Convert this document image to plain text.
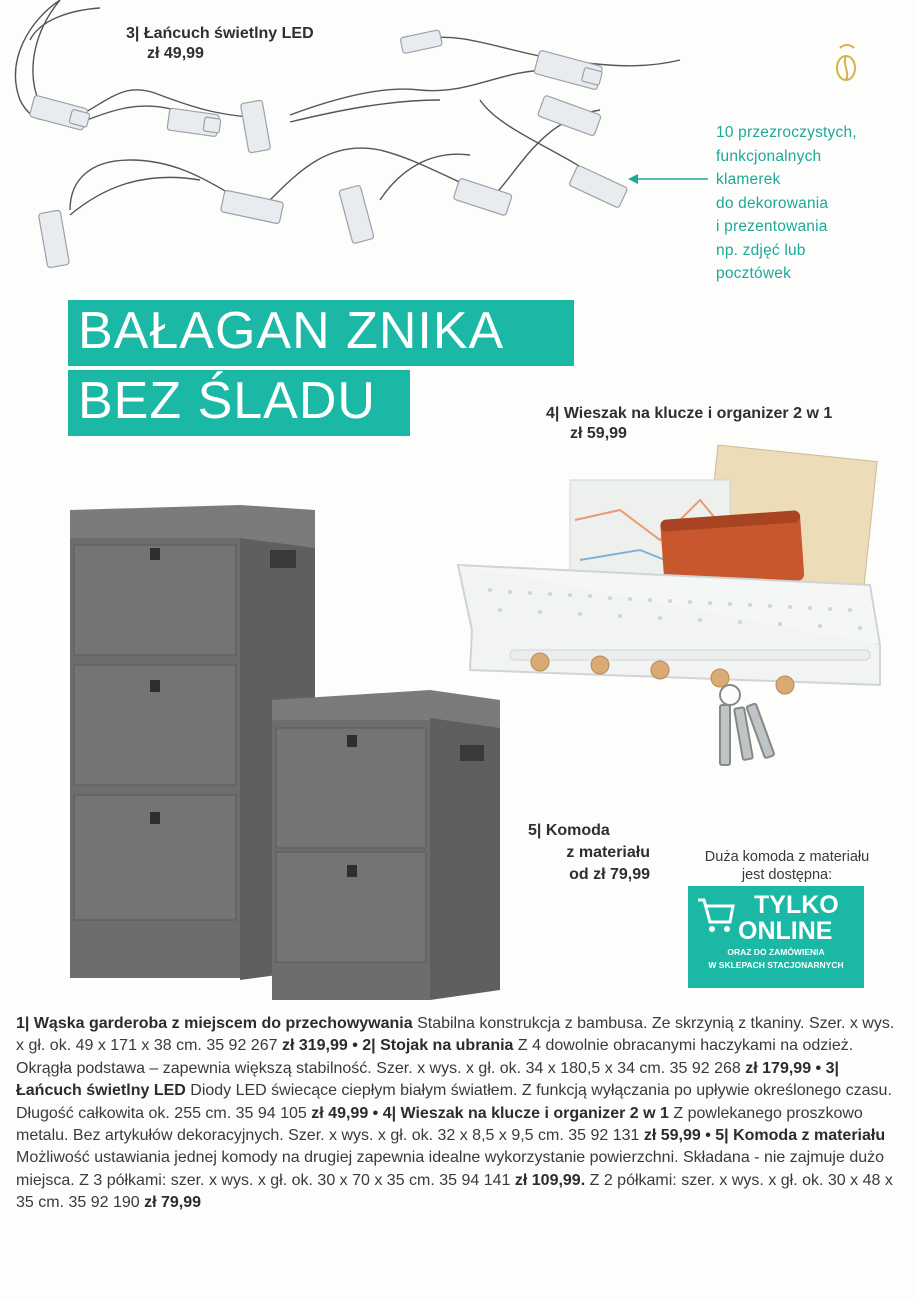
3| Łańcuch świetlny LED
zł 49,99
10 przezroczystych,
funkcjonalnych
klamerek
do dekorowania
i prezentowania
np. zdjęć lub
pocztówek
BAŁAGAN ZNIKA
BEZ ŚLADU	4| Wieszak na klucze i organizer 2 w 1
zł 59,99
5| Komoda
z materiału
od zł 79,99
Duża komoda z materiału
jest dostępna:
TYLKO
ONLINE
ORAZ DO ZAMÓWIENIA
W SKLEPACH STACJONARNYCH
1| Wąska garderoba z miejscem do przechowywania Stabilna konstrukcja z bambusa. Ze skrzynią z tkaniny. Szer. x wys. x gł. ok. 49 x 171 x 38 cm. 35 92 267 zł 319,99 • 2| Stojak na ubrania Z 4 dowolnie obracanymi haczykami na odzież. Okrągła podstawa – zapewnia większą stabilność. Szer. x wys. x gł. ok. 34 x 180,5 x 34 cm. 35 92 268 zł 179,99 • 3| Łańcuch świetlny LED Diody LED świecące ciepłym białym światłem. Z funkcją wyłączania po upływie określonego czasu. Długość całkowita ok. 255 cm. 35 94 105 zł 49,99 • 4| Wieszak na klucze i organizer 2 w 1 Z powlekanego proszkowo metalu. Bez artykułów dekoracyjnych. Szer. x wys. x gł. ok. 32 x 8,5 x 9,5 cm. 35 92 131 zł 59,99 • 5| Komoda z materiału Możliwość ustawiania jednej komody na drugiej zapewnia idealne wykorzystanie powierzchni. Składana - nie zajmuje dużo miejsca. Z 3 półkami: szer. x wys. x gł. ok. 30 x 70 x 35 cm. 35 94 141 zł 109,99. Z 2 półkami: szer. x wys. x gł. ok. 30 x 48 x 35 cm. 35 92 190 zł 79,99
